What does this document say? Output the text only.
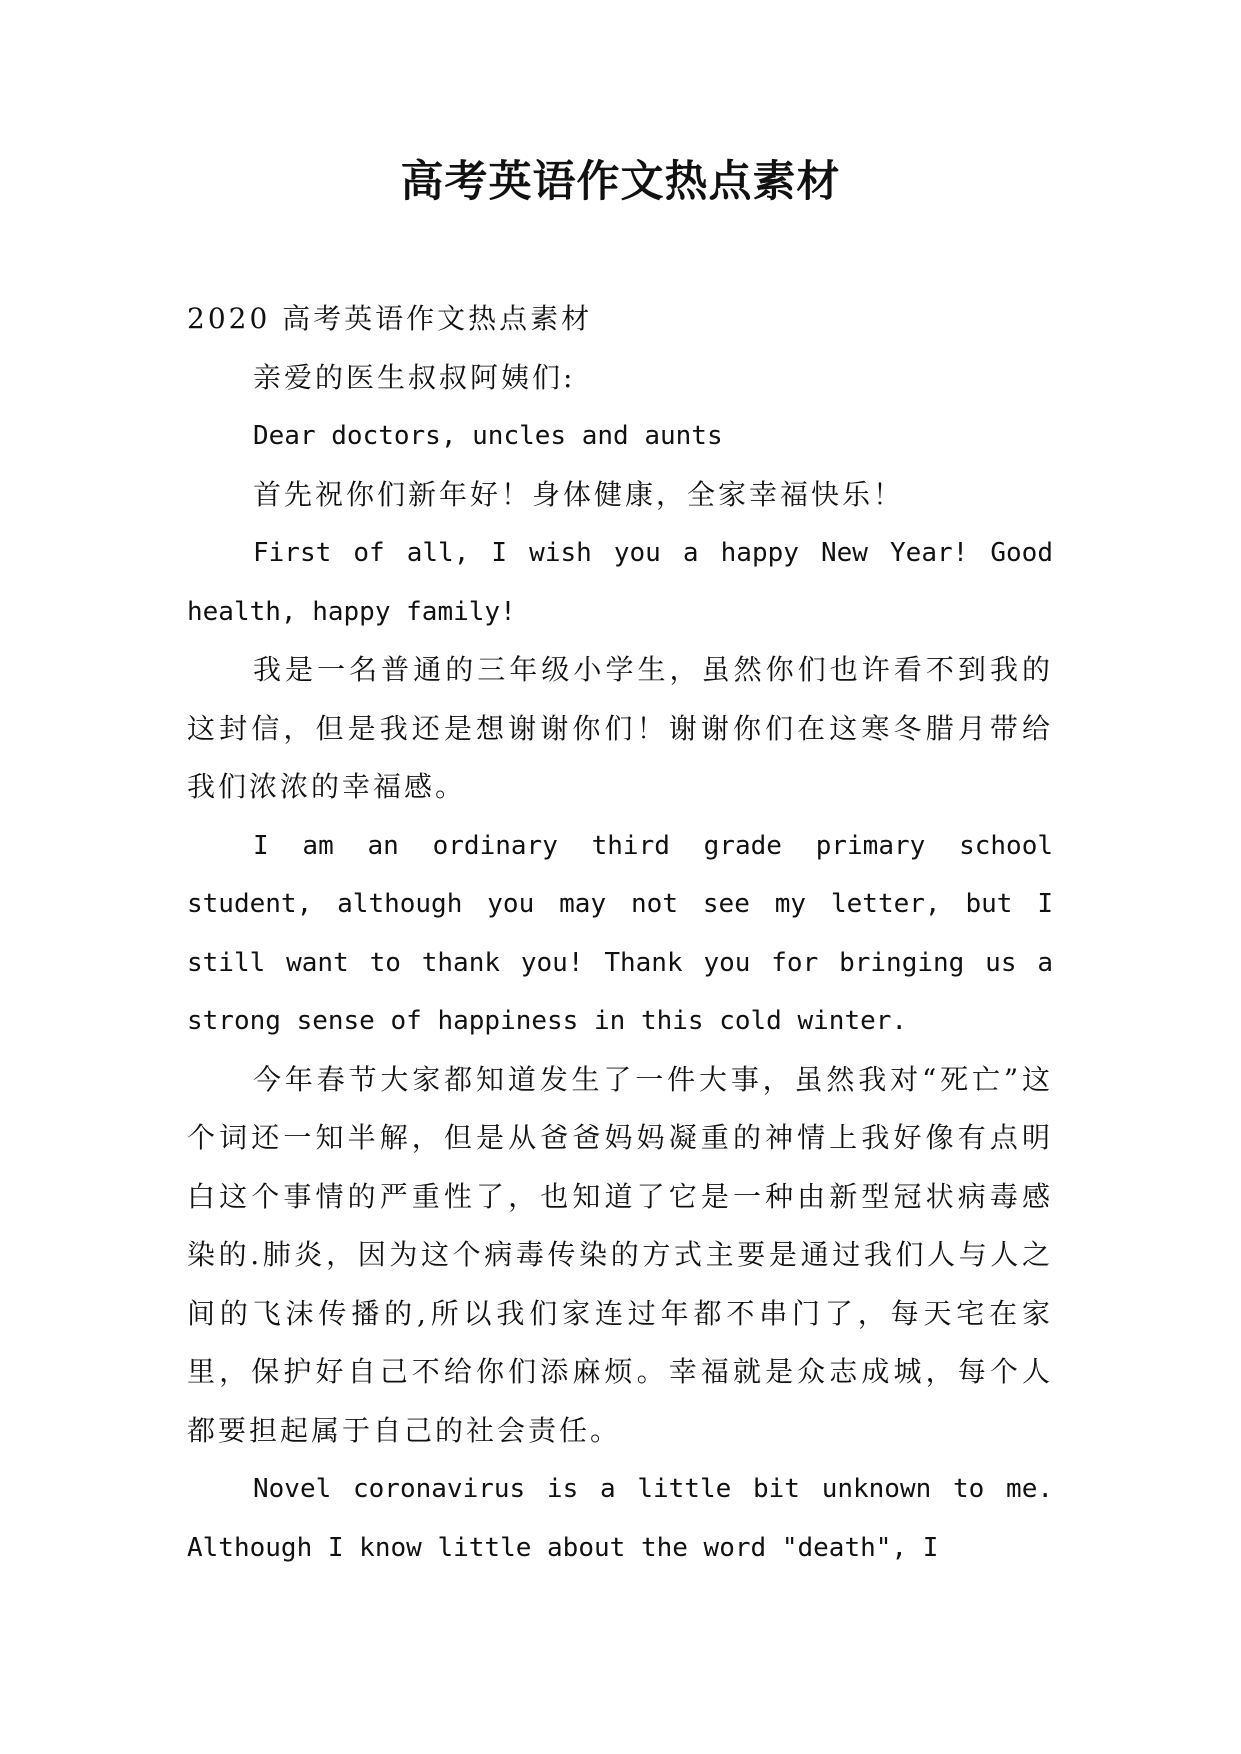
高考英语作文热点素材

2020 高考英语作文热点素材

亲爱的医生叔叔阿姨们:

Dear doctors, uncles and aunts

首先祝你们新年好！身体健康，全家幸福快乐！

First of all, I wish you a happy New Year! Good health, happy family!

我是一名普通的三年级小学生，虽然你们也许看不到我的这封信，但是我还是想谢谢你们！谢谢你们在这寒冬腊月带给我们浓浓的幸福感。

I am an ordinary third grade primary school student, although you may not see my letter, but I still want to thank you! Thank you for bringing us a strong sense of happiness in this cold winter.

今年春节大家都知道发生了一件大事，虽然我对“死亡”这个词还一知半解，但是从爸爸妈妈凝重的神情上我好像有点明白这个事情的严重性了，也知道了它是一种由新型冠状病毒感染的.肺炎，因为这个病毒传染的方式主要是通过我们人与人之间的飞沫传播的,所以我们家连过年都不串门了，每天宅在家里，保护好自己不给你们添麻烦。幸福就是众志成城，每个人都要担起属于自己的社会责任。

Novel coronavirus is a little bit unknown to me. Although I know little about the word "death", I
